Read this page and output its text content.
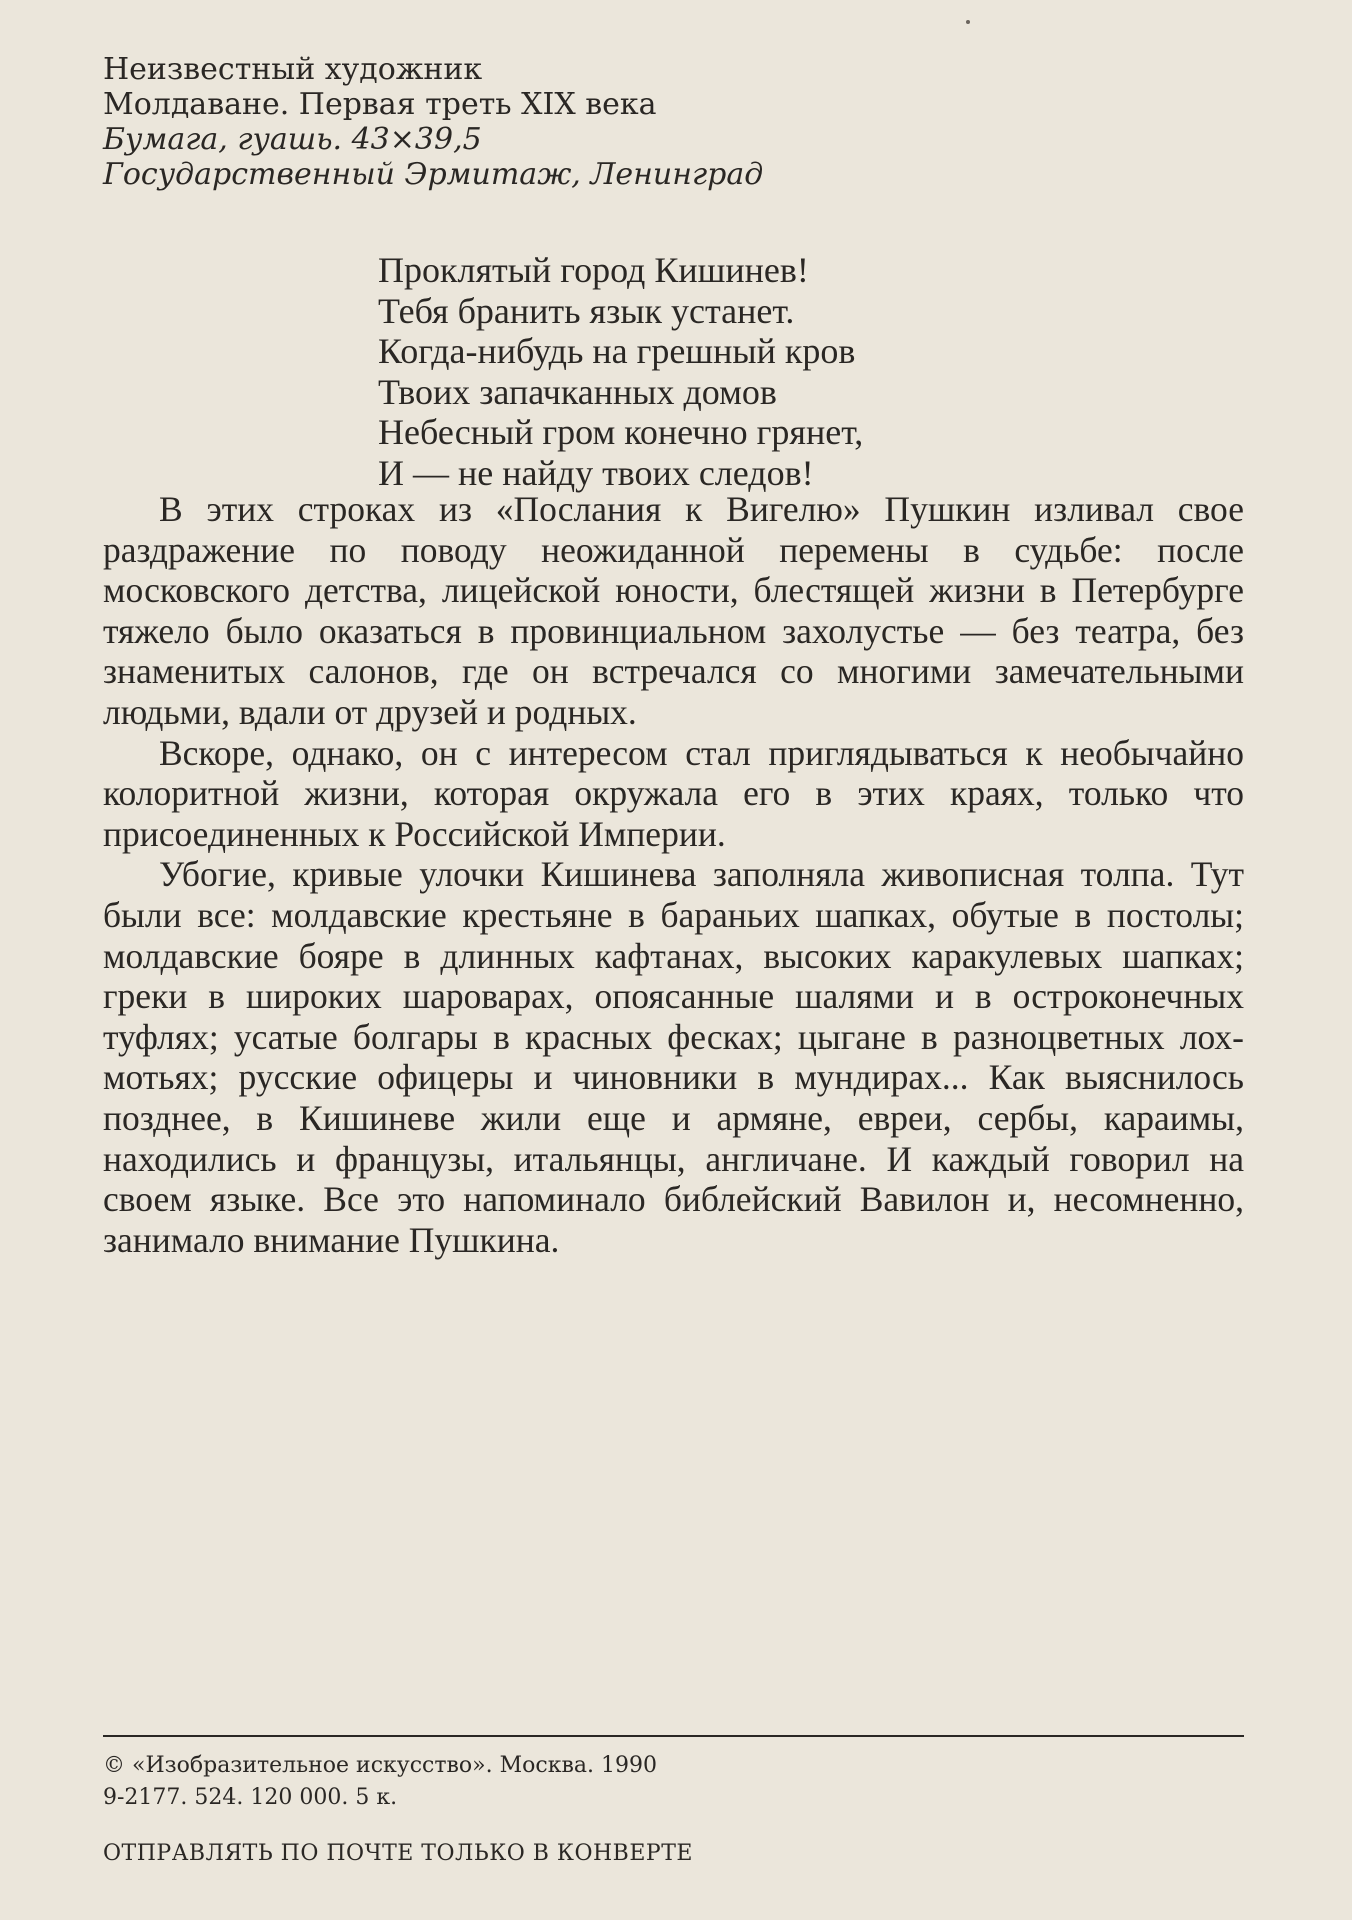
Неизвестный художник
Молдаване. Первая треть XIX века
Бумага, гуашь. 43×39,5
Государственный Эрмитаж, Ленинград
Проклятый город Кишинев!
Тебя бранить язык устанет.
Когда-нибудь на грешный кров
Твоих запачканных домов
Небесный гром конечно грянет,
И — не найду твоих следов!

В этих строках из «Послания к Вигелю» Пушкин изливал свое раздражение по поводу неожиданной перемены в судьбе: после московского детства, лицейской юности, блестящей жизни в Петербурге тяжело было оказаться в провинциальном захолустье — без театра, без знаменитых салонов, где он встречался со многими замечательными людьми, вдали от друзей и родных.

Вскоре, однако, он с интересом стал приглядываться к необычайно колоритной жизни, которая окружала его в этих краях, только что присоединенных к Российской Империи.

Убогие, кривые улочки Кишинева заполняла живописная толпа. Тут были все: молдавские крестьяне в бараньих шапках, обутые в постолы; молдавские бояре в длинных кафтанах, высоких каракулевых шапках; греки в широких шароварах, опоясанные шалями и в остроконечных туфлях; усатые болгары в красных фесках; цыгане в разноцветных лохмотьях; русские офицеры и чиновники в мундирах... Как выяснилось позднее, в Кишиневе жили еще и армяне, евреи, сербы, караимы, находились и французы, итальянцы, англичане. И каждый говорил на своем языке. Все это напоминало библейский Вавилон и, несомненно, занимало внимание Пушкина.

© «Изобразительное искусство». Москва. 1990
9-2177. 524. 120 000. 5 к.
ОТПРАВЛЯТЬ ПО ПОЧТЕ ТОЛЬКО В КОНВЕРТЕ
